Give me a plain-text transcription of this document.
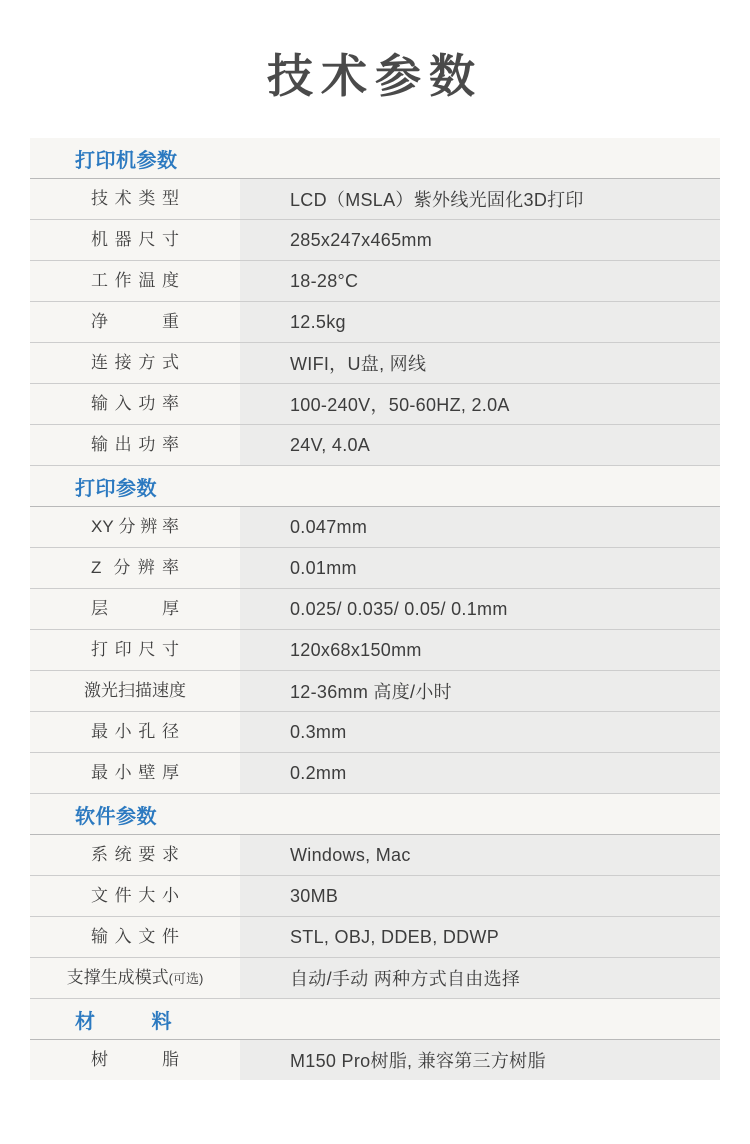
技术参数
打印机参数
技术类型	LCD（MSLA）紫外线光固化3D打印
机器尺寸	285x247x465mm
工作温度	18-28°C
净重	12.5kg
连接方式	WIFI，U盘, 网线
输入功率	100-240V，50-60HZ, 2.0A
输出功率	24V, 4.0A
打印参数
XY分辨率	0.047mm
Z 分辨率	0.01mm
层厚	0.025/ 0.035/ 0.05/ 0.1mm
打印尺寸	120x68x150mm
激光扫描速度	12-36mm 高度/小时
最小孔径	0.3mm
最小壁厚	0.2mm
软件参数
系统要求	Windows, Mac
文件大小	30MB
输入文件	STL, OBJ, DDEB, DDWP
支撑生成模式(可选)	自动/手动 两种方式自由选择
材料
树脂	M150 Pro树脂, 兼容第三方树脂
